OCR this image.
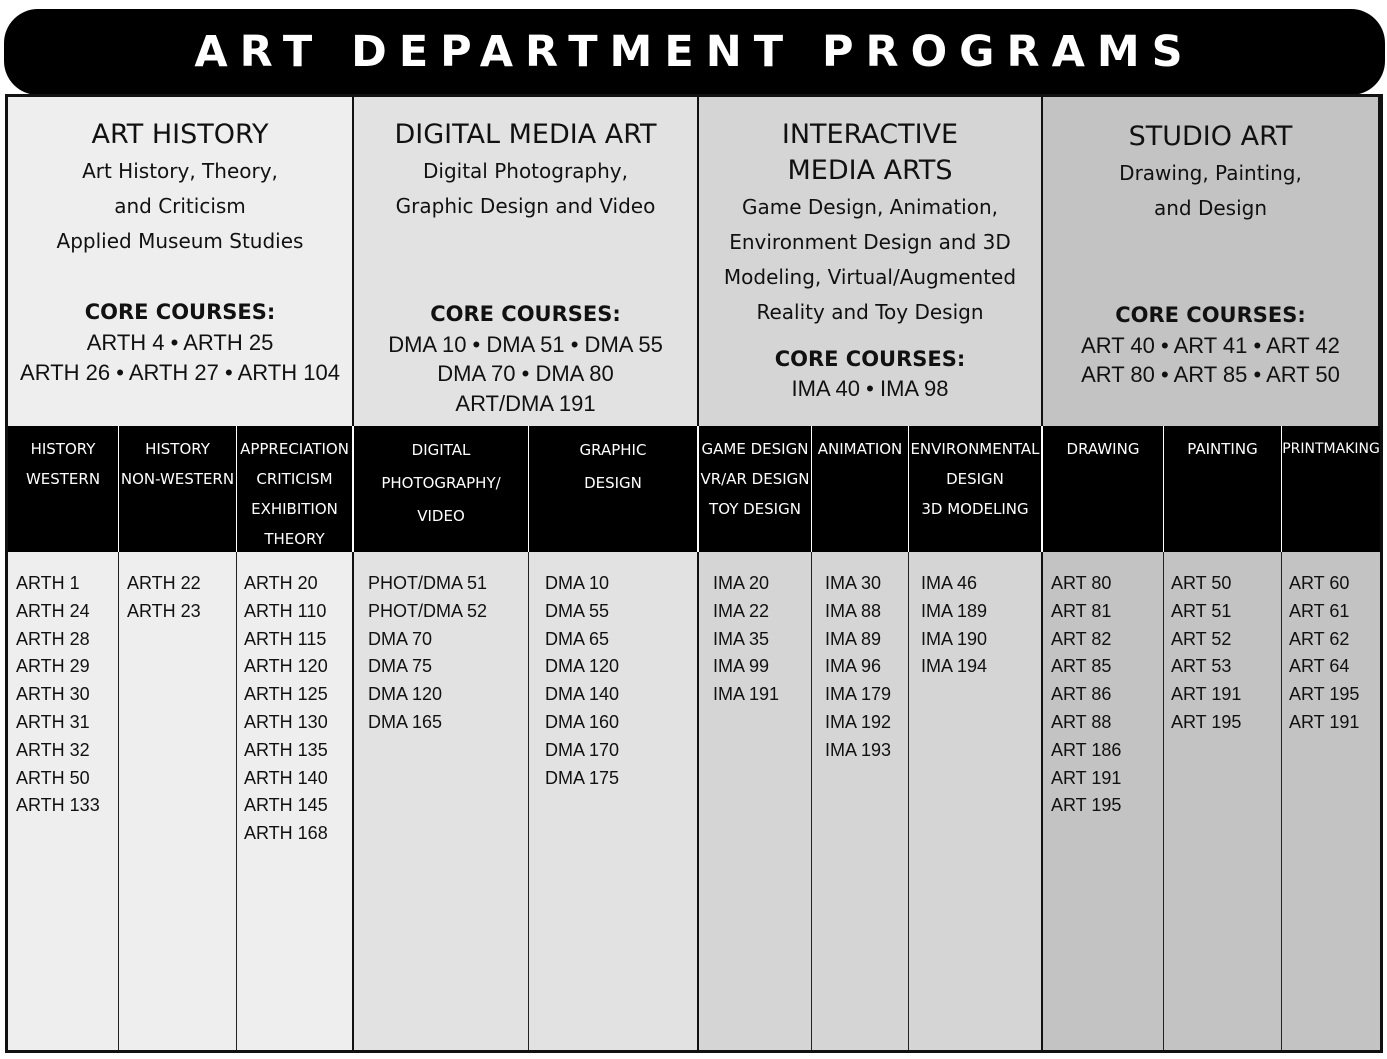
ART DEPARTMENT PROGRAMS
ART HISTORY
Art History, Theory,
and Criticism
Applied Museum Studies
CORE COURSES:
ARTH 4 • ARTH 25
ARTH 26 • ARTH 27 • ARTH 104
DIGITAL MEDIA ART
Digital Photography,
Graphic Design and Video
CORE COURSES:
DMA 10 • DMA 51 • DMA 55
DMA 70 • DMA 80
ART/DMA 191
INTERACTIVE
MEDIA ARTS
Game Design, Animation,
Environment Design and 3D
Modeling, Virtual/Augmented
Reality and Toy Design
CORE COURSES:
IMA 40 • IMA 98
STUDIO ART
Drawing, Painting,
and Design
CORE COURSES:
ART 40 • ART 41 • ART 42
ART 80 • ART 85 • ART 50
HISTORY
WESTERN
HISTORY
NON-WESTERN
APPRECIATION
CRITICISM
EXHIBITION
THEORY
DIGITAL
PHOTOGRAPHY/
VIDEO
GRAPHIC
DESIGN
GAME DESIGN
VR/AR DESIGN
TOY DESIGN
ANIMATION ENVIRONMENTAL
DESIGN
3D MODELING
DRAWING	PAINTING	PRINTMAKING
ARTH 1
ARTH 24
ARTH 28
ARTH 29
ARTH 30
ARTH 31
ARTH 32
ARTH 50
ARTH 133
ARTH 22
ARTH 23
ARTH 20
ARTH 110
ARTH 115
ARTH 120
ARTH 125
ARTH 130
ARTH 135
ARTH 140
ARTH 145
ARTH 168
PHOT/DMA 51
PHOT/DMA 52
DMA 70
DMA 75
DMA 120
DMA 165
DMA 10
DMA 55
DMA 65
DMA 120
DMA 140
DMA 160
DMA 170
DMA 175
IMA 20
IMA 22
IMA 35
IMA 99
IMA 191
IMA 30
IMA 88
IMA 89
IMA 96
IMA 179
IMA 192
IMA 193
IMA 46
IMA 189
IMA 190
IMA 194
ART 80
ART 81
ART 82
ART 85
ART 86
ART 88
ART 186
ART 191
ART 195
ART 50
ART 51
ART 52
ART 53
ART 191
ART 195
ART 60
ART 61
ART 62
ART 64
ART 195
ART 191
